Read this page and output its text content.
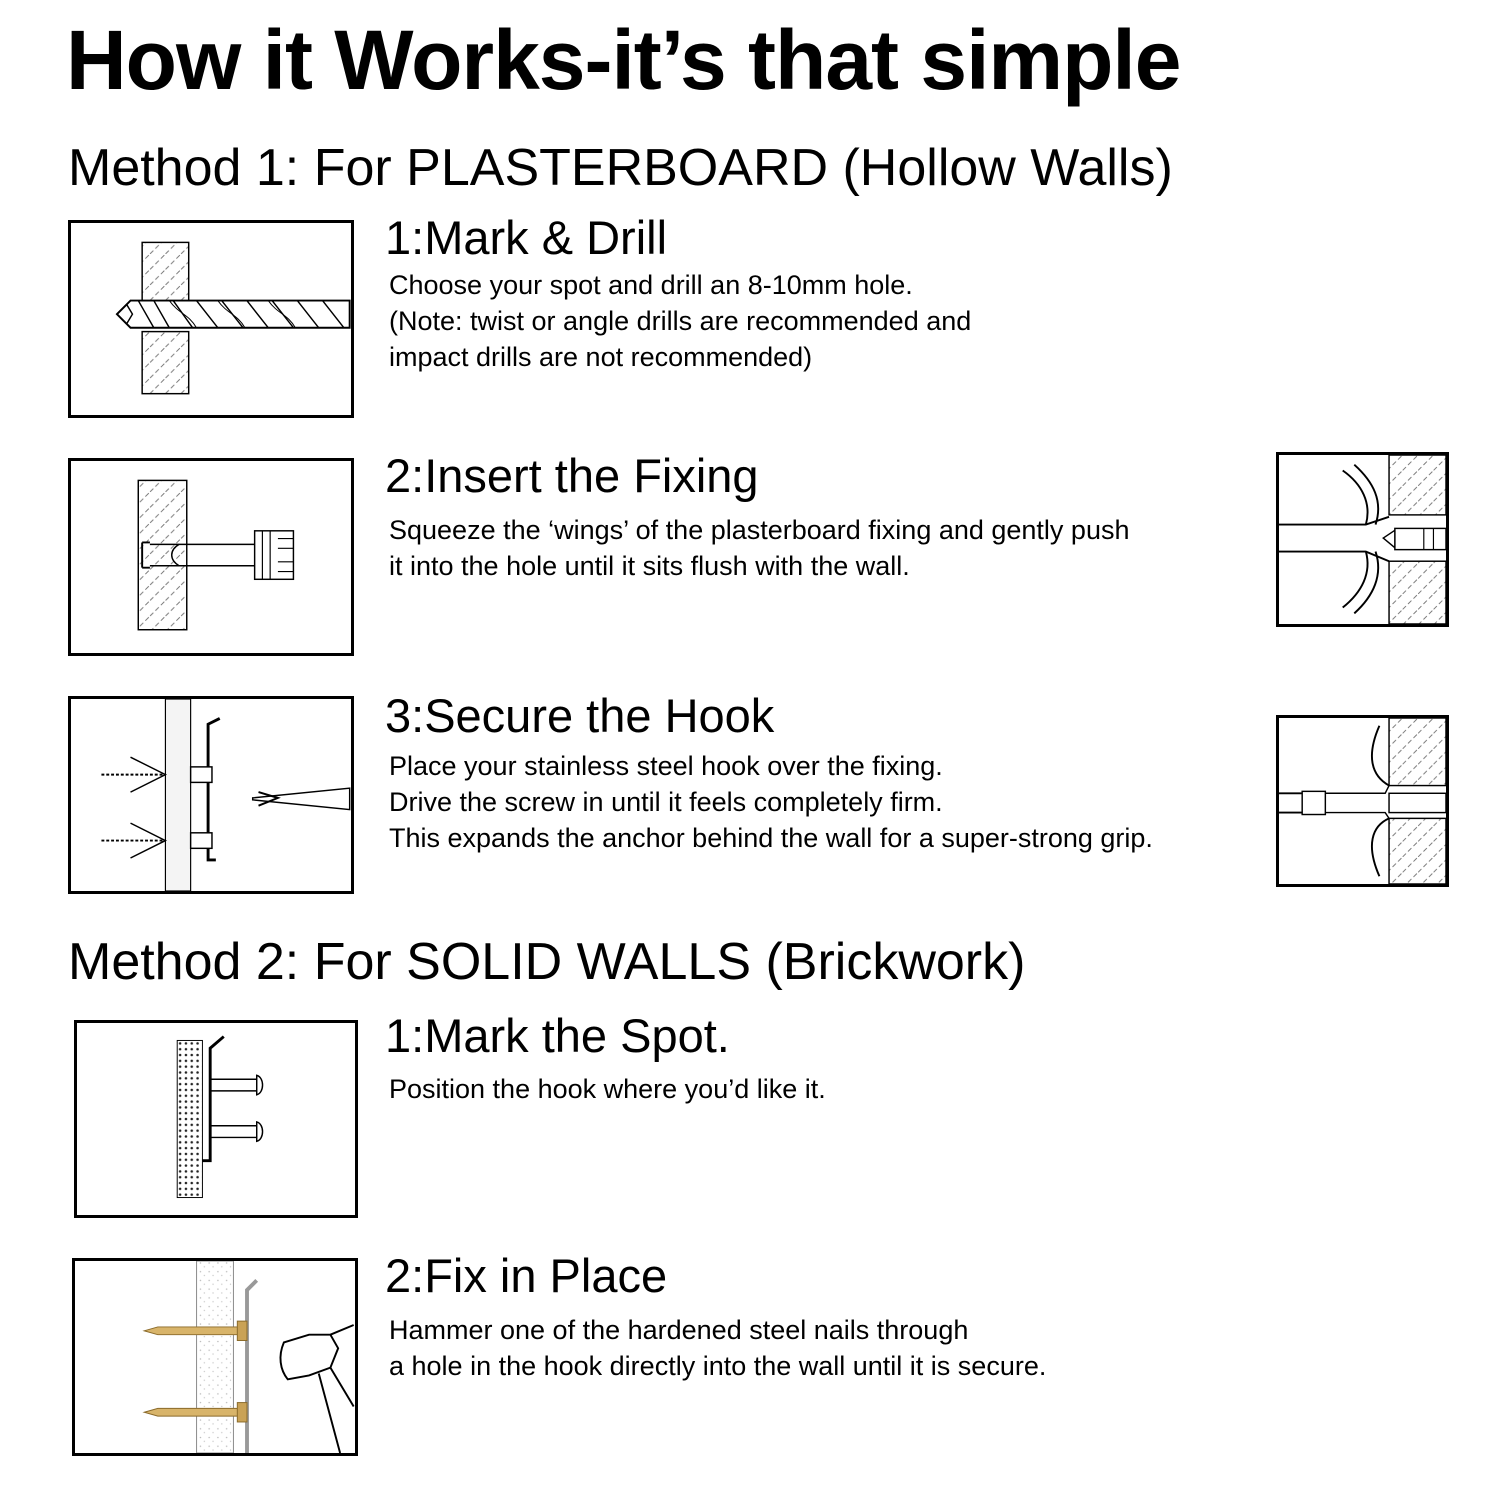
How it Works-it’s that simple
Method 1: For PLASTERBOARD (Hollow Walls)
1:Mark & Drill
Choose your spot and drill an 8-10mm hole.
(Note: twist or angle drills are recommended and
impact drills are not recommended)
2:Insert the Fixing
Squeeze the ‘wings’ of the plasterboard fixing and gently push
it into the hole until it sits flush with the wall.
3:Secure the Hook
Place your stainless steel hook over the fixing.
Drive the screw in until it feels completely firm.
This expands the anchor behind the wall for a super-strong grip.
Method 2: For SOLID WALLS (Brickwork)
1:Mark the Spot.
Position the hook where you’d like it.
2:Fix in Place
Hammer one of the hardened steel nails through
a hole in the hook directly into the wall until it is secure.
